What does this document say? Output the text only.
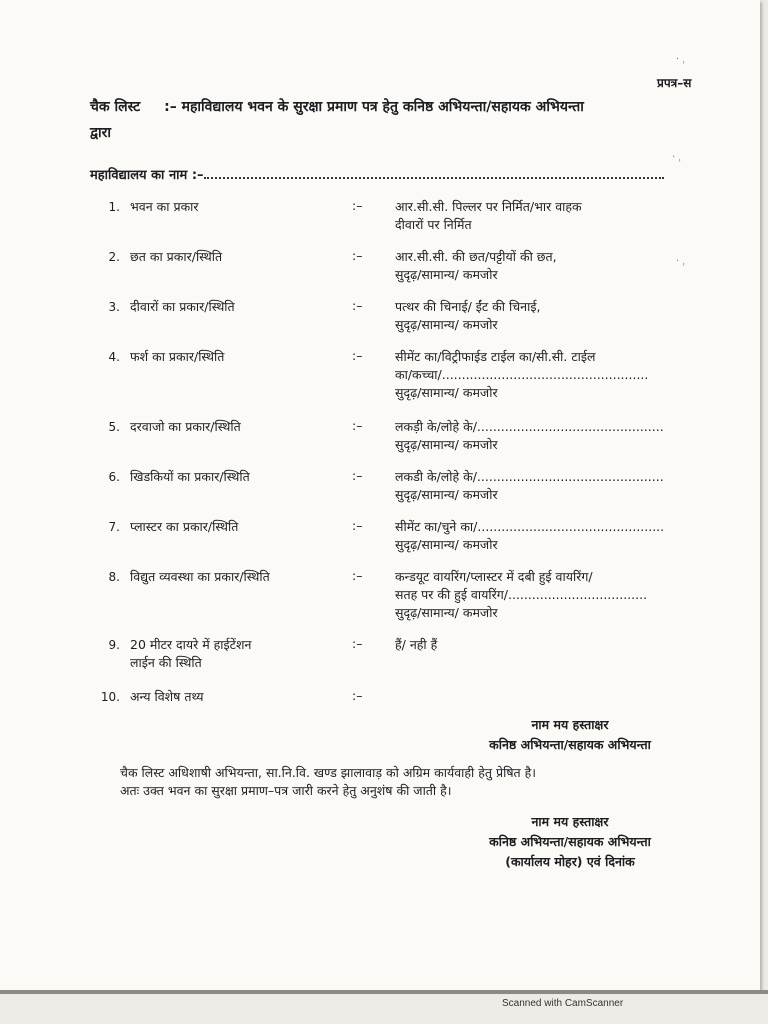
· ˌ
· ˌ
· ˌ
प्रपत्र–स
चैक लिस्ट :– महाविद्यालय भवन के सुरक्षा प्रमाण पत्र हेतु कनिष्ठ अभियन्ता/सहायक अभियन्ता
द्वारा
महाविद्यालय का नाम :–
1. भवन का प्रकार	:–	आर.सी.सी. पिल्लर पर निर्मित/भार वाहक
दीवारों पर निर्मित
2. छत का प्रकार/स्थिति	:–	आर.सी.सी. की छत/पट्टीयों की छत,
सुदृढ़/सामान्य/ कमजोर
3. दीवारों का प्रकार/स्थिति	:–	पत्थर की चिनाई/ ईंट की चिनाई,
सुदृढ़/सामान्य/ कमजोर
4. फर्श का प्रकार/स्थिति	:–	सीमेंट का/विट्रीफाईड टाईल का/सी.सी. टाईल
का/कच्चा/....................................................
सुदृढ़/सामान्य/ कमजोर
5. दरवाजो का प्रकार/स्थिति	:–	लकड़ी के/लोहे के/...............................................
सुदृढ़/सामान्य/ कमजोर
6. खिडकियों का प्रकार/स्थिति	:–	लकडी के/लोहे के/...............................................
सुदृढ़/सामान्य/ कमजोर
7. प्लास्टर का प्रकार/स्थिति	:–	सीमेंट का/चुने का/...............................................
सुदृढ़/सामान्य/ कमजोर
8. विद्युत व्यवस्था का प्रकार/स्थिति	:–	कन्डयूट वायरिंग/प्लास्टर में दबी हुई वायरिंग/
सतह पर की हुई वायरिंग/...................................
सुदृढ़/सामान्य/ कमजोर
9. 20 मीटर दायरे में हाईटेंशन
लाईन की स्थिति
:–	हैं/ नही हैं
10. अन्य विशेष तथ्य	:–
नाम मय हस्ताक्षर
कनिष्ठ अभियन्ता/सहायक अभियन्ता
चैक लिस्ट अधिशाषी अभियन्ता, सा.नि.वि. खण्ड झालावाड़ को अग्रिम कार्यवाही हेतु प्रेषित है।
अतः उक्त भवन का सुरक्षा प्रमाण–पत्र जारी करने हेतु अनुशंष की जाती है।
नाम मय हस्ताक्षर
कनिष्ठ अभियन्ता/सहायक अभियन्ता
(कार्यालय मोहर) एवं दिनांक
Scanned with CamScanner
